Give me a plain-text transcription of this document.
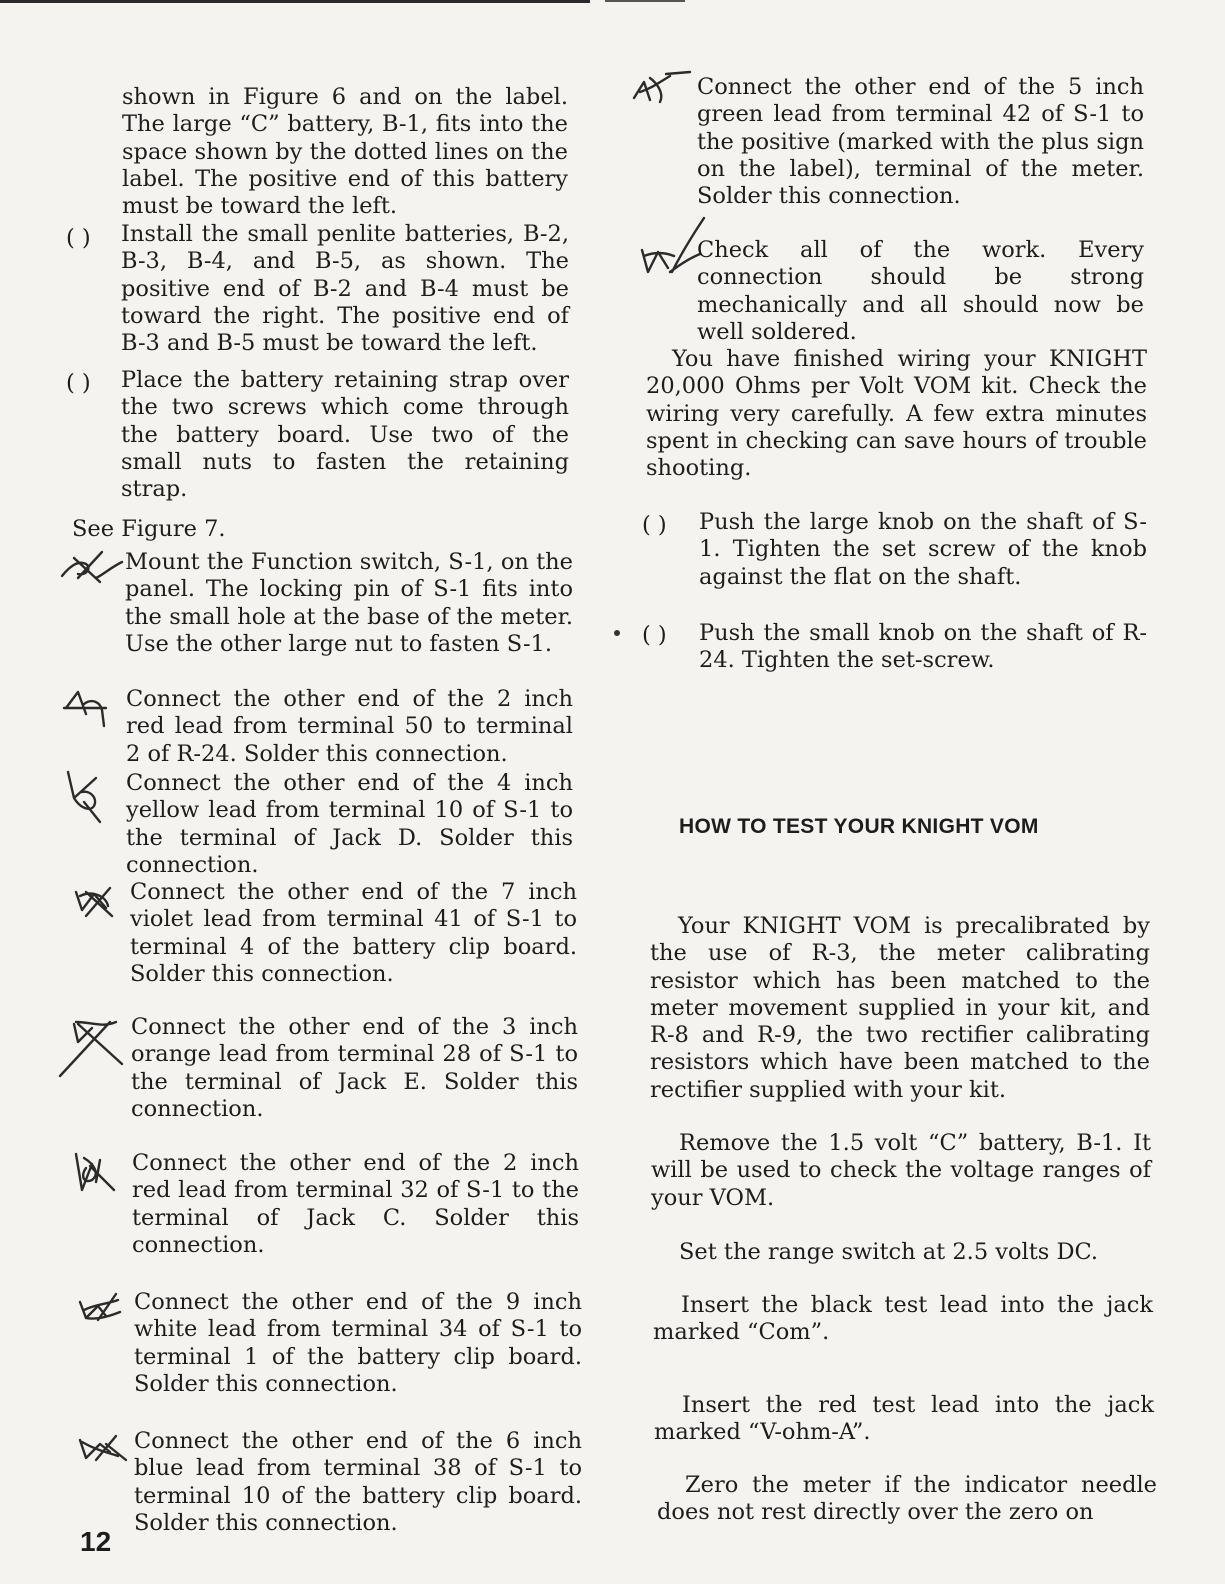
shown in Figure 6 and on the label. The large “C” battery, B-1, fits into the space shown by the dotted lines on the label. The positive end of this battery must be toward the left.
( ) Install the small penlite batteries, B-2, B-3, B-4, and B-5, as shown. The positive end of B-2 and B-4 must be toward the right. The positive end of B-3 and B-5 must be toward the left.
( ) Place the battery retaining strap over the two screws which come through the battery board. Use two of the small nuts to fasten the retaining strap.
See Figure 7.
Mount the Function switch, S-1, on the panel. The locking pin of S-1 fits into the small hole at the base of the meter. Use the other large nut to fasten S-1.
Connect the other end of the 2 inch red lead from terminal 50 to terminal 2 of R-24. Solder this connection.
Connect the other end of the 4 inch yellow lead from terminal 10 of S-1 to the terminal of Jack D. Solder this connection.
Connect the other end of the 7 inch violet lead from terminal 41 of S-1 to terminal 4 of the battery clip board. Solder this connection.
Connect the other end of the 3 inch orange lead from terminal 28 of S-1 to the terminal of Jack E. Solder this connection.
Connect the other end of the 2 inch red lead from terminal 32 of S-1 to the terminal of Jack C. Solder this connection.
Connect the other end of the 9 inch white lead from terminal 34 of S-1 to terminal 1 of the battery clip board. Solder this connection.
Connect the other end of the 6 inch blue lead from terminal 38 of S-1 to terminal 10 of the battery clip board. Solder this connection.
12
Connect the other end of the 5 inch green lead from terminal 42 of S-1 to the positive (marked with the plus sign on the label), terminal of the meter. Solder this connection.
Check all of the work. Every connection should be strong mechanically and all should now be well soldered.
You have finished wiring your KNIGHT 20,000 Ohms per Volt VOM kit. Check the wiring very carefully. A few extra minutes spent in checking can save hours of trouble shooting.
( ) Push the large knob on the shaft of S-1. Tighten the set screw of the knob against the flat on the shaft.
( ) Push the small knob on the shaft of R-24. Tighten the set-screw.
HOW TO TEST YOUR KNIGHT VOM
Your KNIGHT VOM is precalibrated by the use of R-3, the meter calibrating resistor which has been matched to the meter movement supplied in your kit, and R-8 and R-9, the two rectifier calibrating resistors which have been matched to the rectifier supplied with your kit.
Remove the 1.5 volt “C” battery, B-1. It will be used to check the voltage ranges of your VOM.
Set the range switch at 2.5 volts DC.
Insert the black test lead into the jack marked “Com”.
Insert the red test lead into the jack marked “V-ohm-A”.
Zero the meter if the indicator needle does not rest directly over the zero on
